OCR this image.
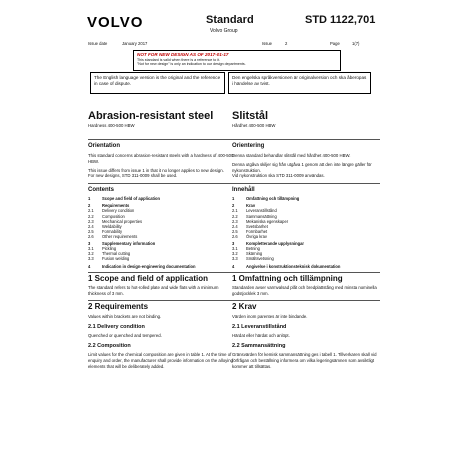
VOLVO	Standard
Volvo Group
STD 1122,701
Issue date	January 2017	Issue	2	Page	1(7)
NOT FOR NEW DESIGN AS OF 2017-01-17
This standard is valid when there is a reference to it.
"Not for new design" is only an indication to our design departments.
The English language version is the original and the reference in case of dispute.
Den engelska språkversionen är originalversion och ska åberopas i händelse av tvist.
Abrasion-resistant steel

Hardness 400-500 HBW

Orientation

This standard concerns abrasion-resistant steels with a hardness of 400-500 HBW.

This issue differs from issue 1 in that it no longer applies to new design.

For new designs, STD 311-0009 shall be used.

Contents
1	Scope and field of application
2	Requirements
2.1	Delivery condition
2.2	Composition
2.3	Mechanical properties
2.4	Weldability
2.5	Formability
2.6	Other requirements
3	Supplementary information
3.1	Pickling
3.2	Thermal cutting
3.3	Fusion welding
4	Indication in design-engineering documentation
1 Scope and field of application

The standard refers to hot-rolled plate and wide flats with a minimum thickness of 3 mm.

2 Requirements

Values within brackets are not binding.

2.1 Delivery condition

Quenched or quenched and tempered.

2.2 Composition

Limit values for the chemical composition are given in table 1. At the time of enquiry and order, the manufacturer shall provide information on the alloying elements that will be deliberately added.

Slitstål

Hårdhet 400-500 HBW

Orientering

Denna standard behandlar slitstål med hårdhet 400-500 HBW.

Denna utgåva skiljer sig från utgåva 1 genom att den inte längre gäller för nykonstruktion.

Vid nykonstruktion ska STD 311-0009 användas.

Innehåll
1	Omfattning och tillämpning
2	Krav
2.1	Leveranstillstånd
2.2	Sammansättning
2.3	Mekaniska egenskaper
2.4	Svetsbarhet
2.5	Formbarhet
2.6	Övriga krav
3	Kompletterande upplysningar
3.1	Betning
3.2	Skärning
3.3	Smältsvetsning
4	Angivelse i konstruktionsteknisk dokumentation
1 Omfattning och tillämpning

Standarden avser varmvalsad plåt och bredplattstång med minsta nominella godstjocklek 3 mm.

2 Krav

Värden inom parentes är inte bindande.

2.1 Leveranstillstånd

Härdat eller härdat och anlöpt.

2.2 Sammansättning

Gränsvärden för kemisk sammansättning ges i tabell 1. Tillverkaren skall vid förfrågan och beställning informera om vilka legeringsämnen som avsiktligt kommer att tillsättas.
